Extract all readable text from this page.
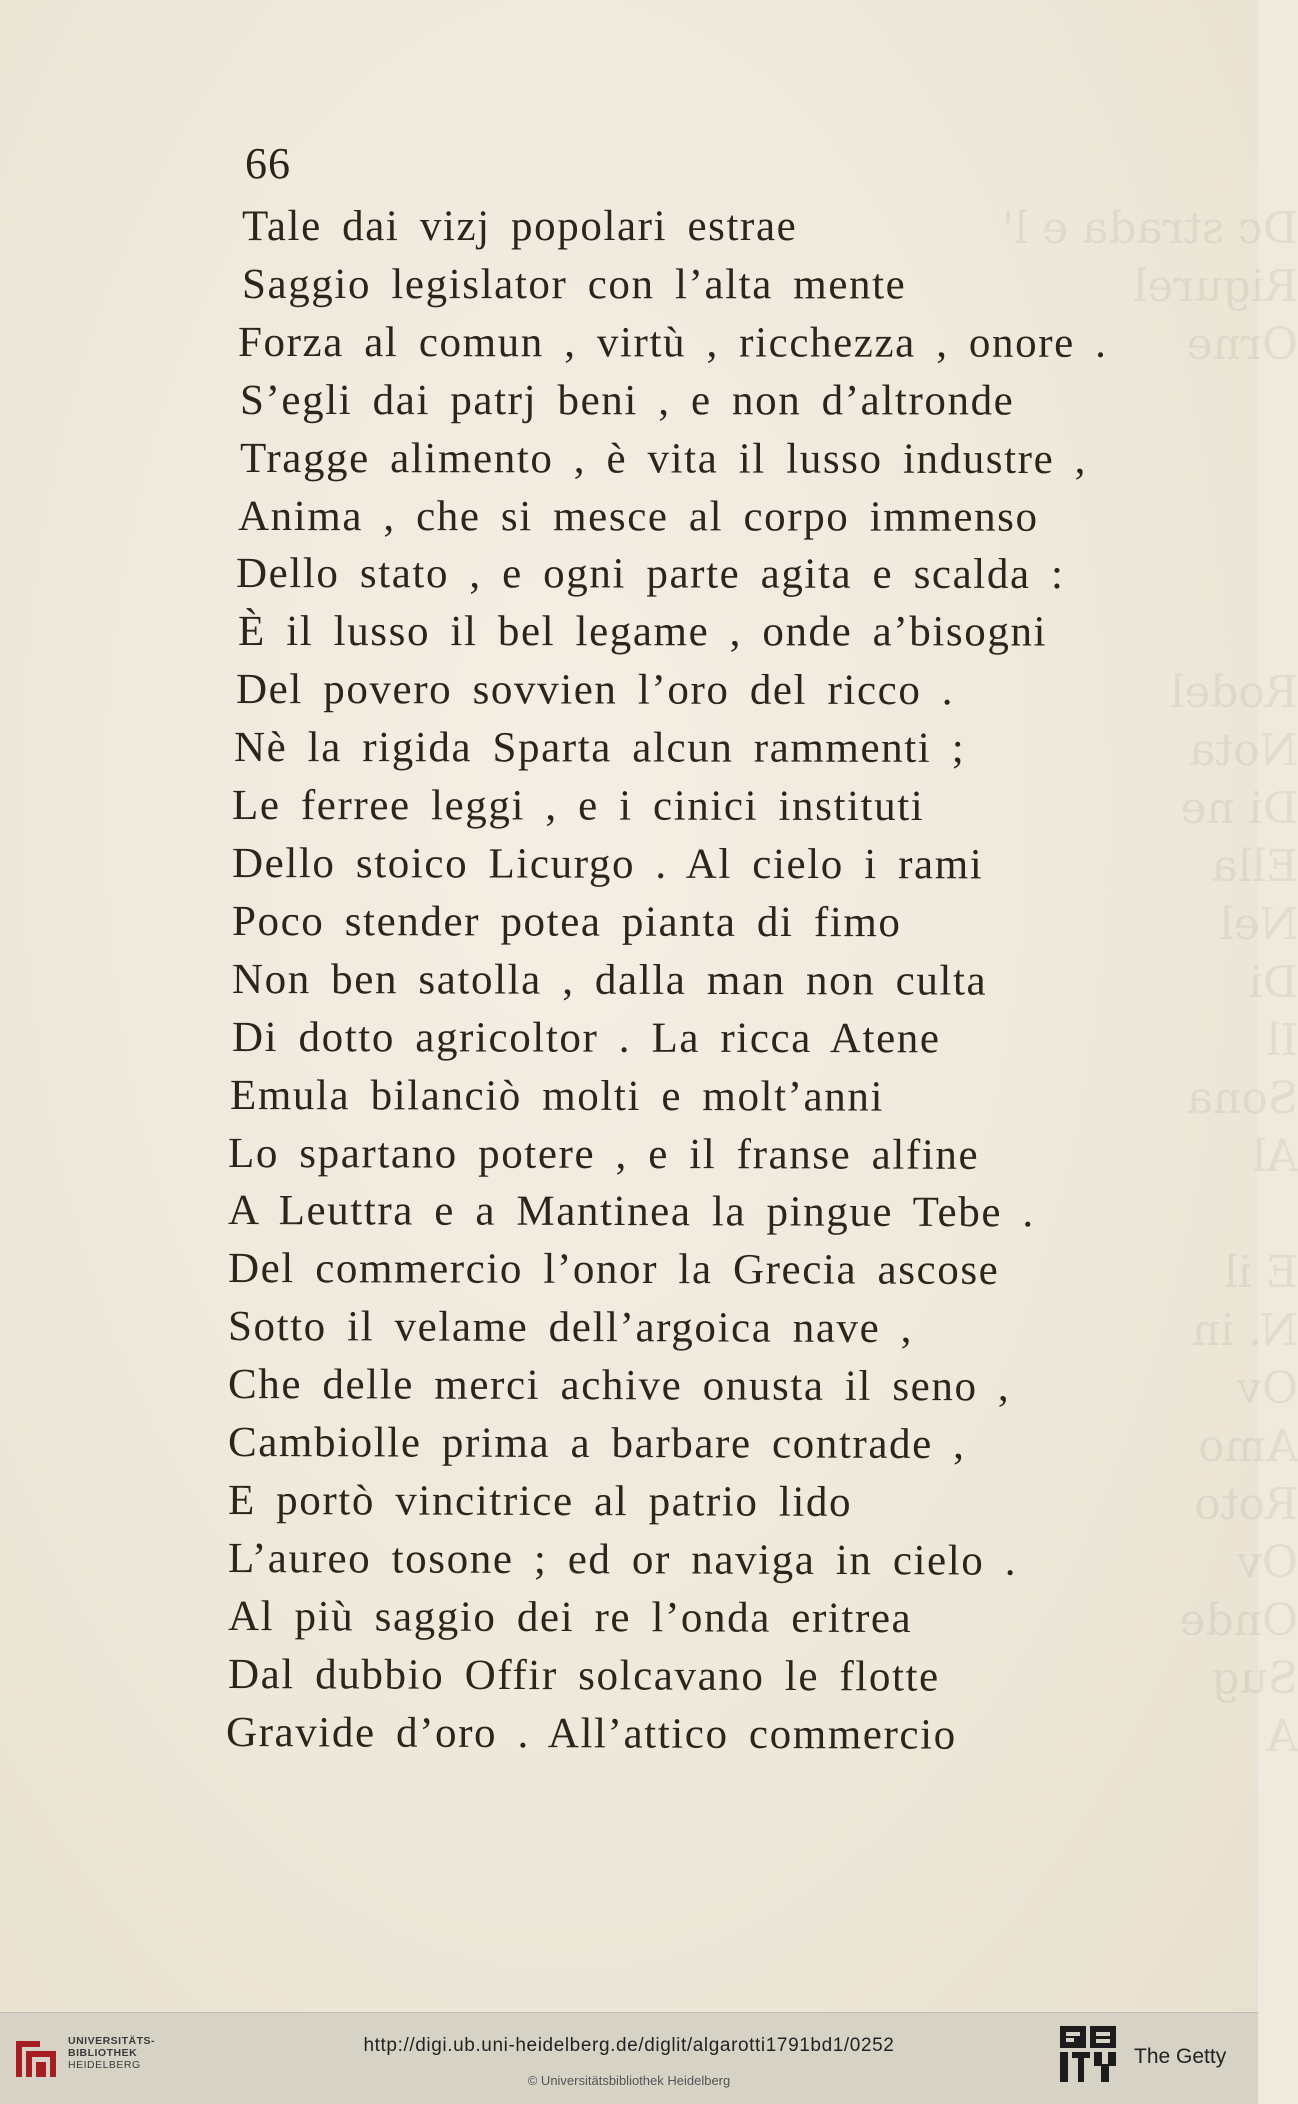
Dc strada e l'
Rigurel
Orne

Rodel
Nota
Di ne
Ella
Nel
Di
Il
Sona
Al

E il
N. in
Ov
Amo
Roto
Ov
Onde
Sug
A
66
Tale dai vizj popolari estrae
Saggio legislator con l’alta mente
Forza al comun , virtù , ricchezza , onore .
S’egli dai patrj beni , e non d’altronde
Tragge alimento , è vita il lusso industre ,
Anima , che si mesce al corpo immenso
Dello stato , e ogni parte agita e scalda :
È il lusso il bel legame , onde a’bisogni
Del povero sovvien l’oro del ricco .
Nè la rigida Sparta alcun rammenti ;
Le ferree leggi , e i cinici instituti
Dello stoico Licurgo . Al cielo i rami
Poco stender potea pianta di fimo
Non ben satolla , dalla man non culta
Di dotto agricoltor . La ricca Atene
Emula bilanciò molti e molt’anni
Lo spartano potere , e il franse alfine
A Leuttra e a Mantinea la pingue Tebe .
Del commercio l’onor la Grecia ascose
Sotto il velame dell’argoica nave ,
Che delle merci achive onusta il seno ,
Cambiolle prima a barbare contrade ,
E portò vincitrice al patrio lido
L’aureo tosone ; ed or naviga in cielo .
Al più saggio dei re l’onda eritrea
Dal dubbio Offir solcavano le flotte
Gravide d’oro . All’attico commercio
UNIVERSITÄTS-
BIBLIOTHEK
HEIDELBERG
http://digi.ub.uni-heidelberg.de/diglit/algarotti1791bd1/0252
© Universitätsbibliothek Heidelberg
The Getty
